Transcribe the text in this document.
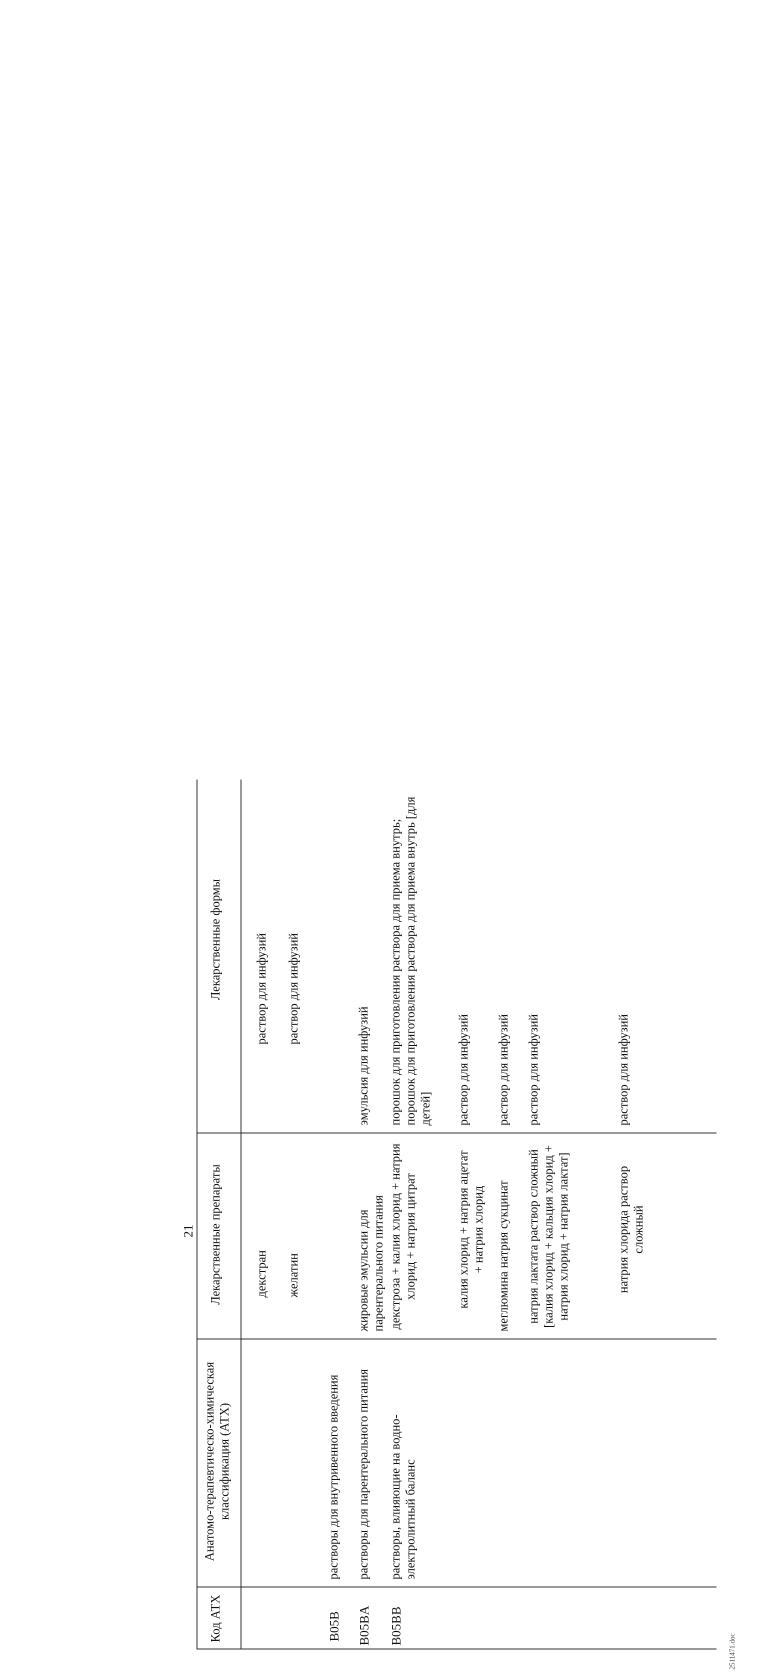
21
Код АТХ
Анатомо-терапевтическо-химическая классификация (АТХ)
Лекарственные препараты
Лекарственные формы
декстран
раствор для инфузий
желатин
раствор для инфузий
B05B
растворы для внутривенного введения
B05BA
растворы для парентерального питания
жировые эмульсии для парентерального питания
эмульсия для инфузий
B05BB
растворы, влияющие на водно-электролитный баланс
декстроза + калия хлорид + натрия хлорид + натрия цитрат
порошок для приготовления раствора для приема внутрь; порошок для приготовления раствора для приема внутрь [для детей]
калия хлорид + натрия ацетат + натрия хлорид
раствор для инфузий
меглюмина натрия сукцинат
раствор для инфузий
натрия лактата раствор сложный [калия хлорид + кальция хлорид + натрия хлорид + натрия лактат]
раствор для инфузий
натрия хлорида раствор сложный
раствор для инфузий
2511471.doc
